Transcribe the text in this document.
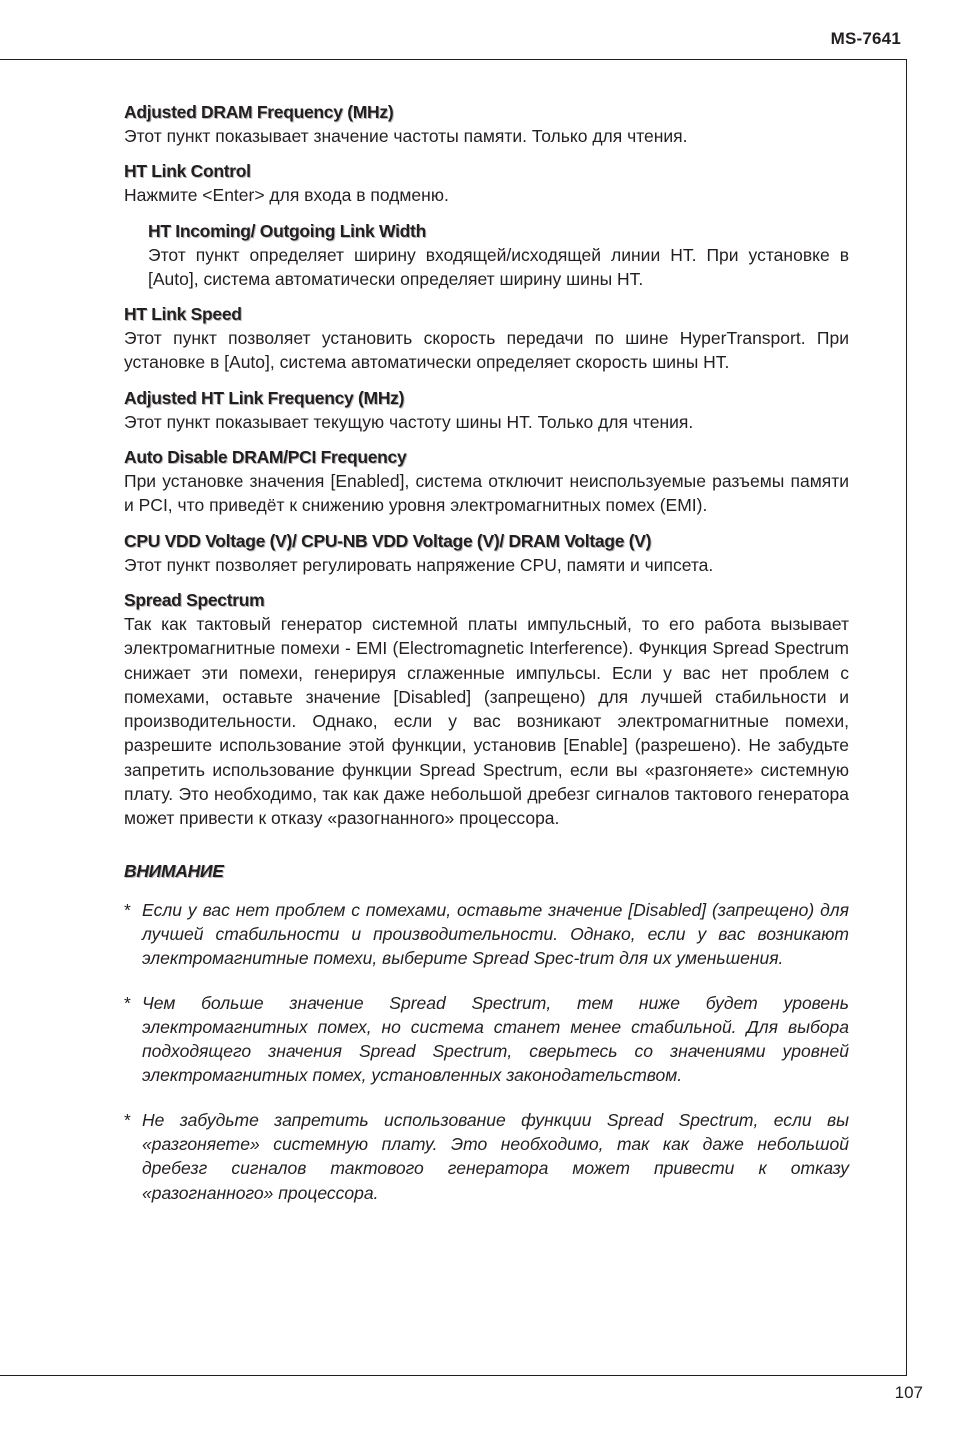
MS-7641
Adjusted DRAM Frequency (MHz)
Этот пункт показывает значение частоты памяти. Только для чтения.
HT Link Control
Нажмите <Enter> для входа в подменю.
HT Incoming/ Outgoing Link Width
Этот пункт определяет ширину входящей/исходящей линии HT. При установке в [Auto], система автоматически определяет ширину шины HT.
HT Link Speed
Этот пункт позволяет установить скорость передачи по шине HyperTransport. При установке в [Auto], система автоматически определяет скорость шины HT.
Adjusted HT Link Frequency (MHz)
Этот пункт показывает текущую частоту шины HT. Только для чтения.
Auto Disable DRAM/PCI Frequency
При установке значения [Enabled], система отключит неиспользуемые разъемы памяти и PCI, что приведёт к снижению уровня электромагнитных помех (EMI).
CPU VDD Voltage (V)/ CPU-NB VDD Voltage (V)/ DRAM Voltage (V)
Этот пункт позволяет регулировать напряжение CPU, памяти и чипсета.
Spread Spectrum
Так как тактовый генератор системной платы импульсный, то его работа вызывает электромагнитные помехи - EMI (Electromagnetic Interference). Функция Spread Spectrum снижает эти помехи, генерируя сглаженные импульсы. Если у вас нет проблем с помехами, оставьте значение [Disabled] (запрещено) для лучшей стабильности и производительности. Однако, если у вас возникают электромагнитные помехи, разрешите использование этой функции, установив [Enable] (разрешено). Не забудьте запретить использование функции Spread Spectrum, если вы «разгоняете» системную плату. Это необходимо, так как даже небольшой дребезг сигналов тактового генератора может привести к отказу «разогнанного» процессора.
ВНИМАНИЕ
* Если у вас нет проблем с помехами, оставьте значение [Disabled] (запрещено) для лучшей стабильности и производительности. Однако, если у вас возникают электромагнитные помехи, выберите Spread Spec-trum для их уменьшения.
* Чем больше значение Spread Spectrum, тем ниже будет уровень электромагнитных помех, но система станет менее стабильной. Для выбора подходящего значения Spread Spectrum, сверьтесь со значениями уровней электромагнитных помех, установленных законодательством.
* Не забудьте запретить использование функции Spread Spectrum, если вы «разгоняете» системную плату. Это необходимо, так как даже небольшой дребезг сигналов тактового генератора может привести к отказу «разогнанного» процессора.
107
